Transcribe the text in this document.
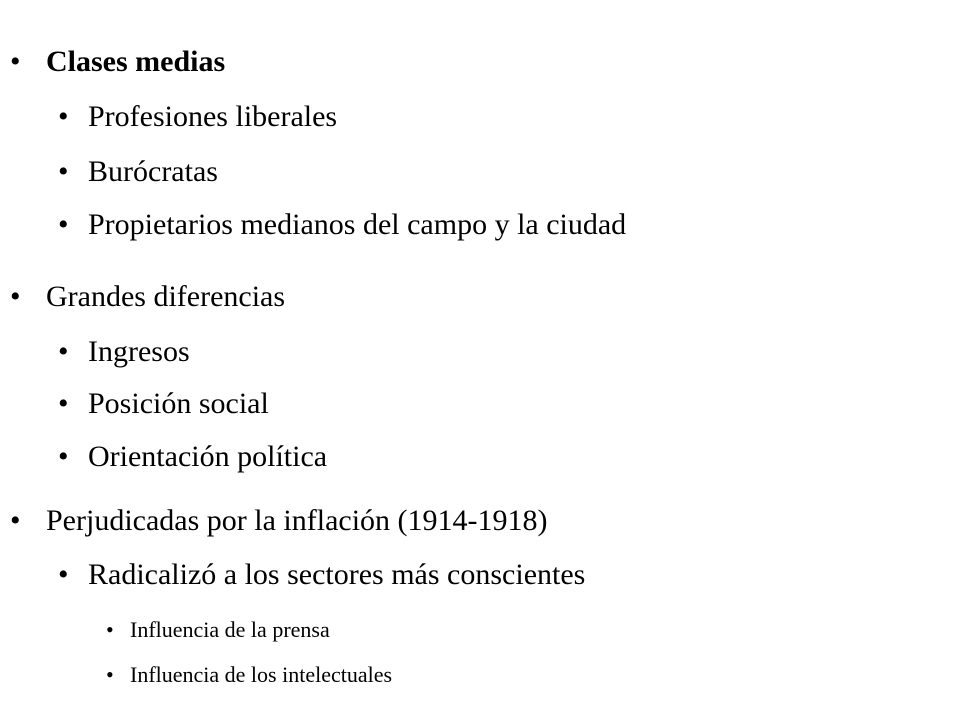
• Clases medias
• Profesiones liberales
• Burócratas
• Propietarios medianos del campo y la ciudad
• Grandes diferencias
• Ingresos
• Posición social
• Orientación política
• Perjudicadas por la inflación (1914-1918)
• Radicalizó a los sectores más conscientes
• Influencia de la prensa
• Influencia de los intelectuales
